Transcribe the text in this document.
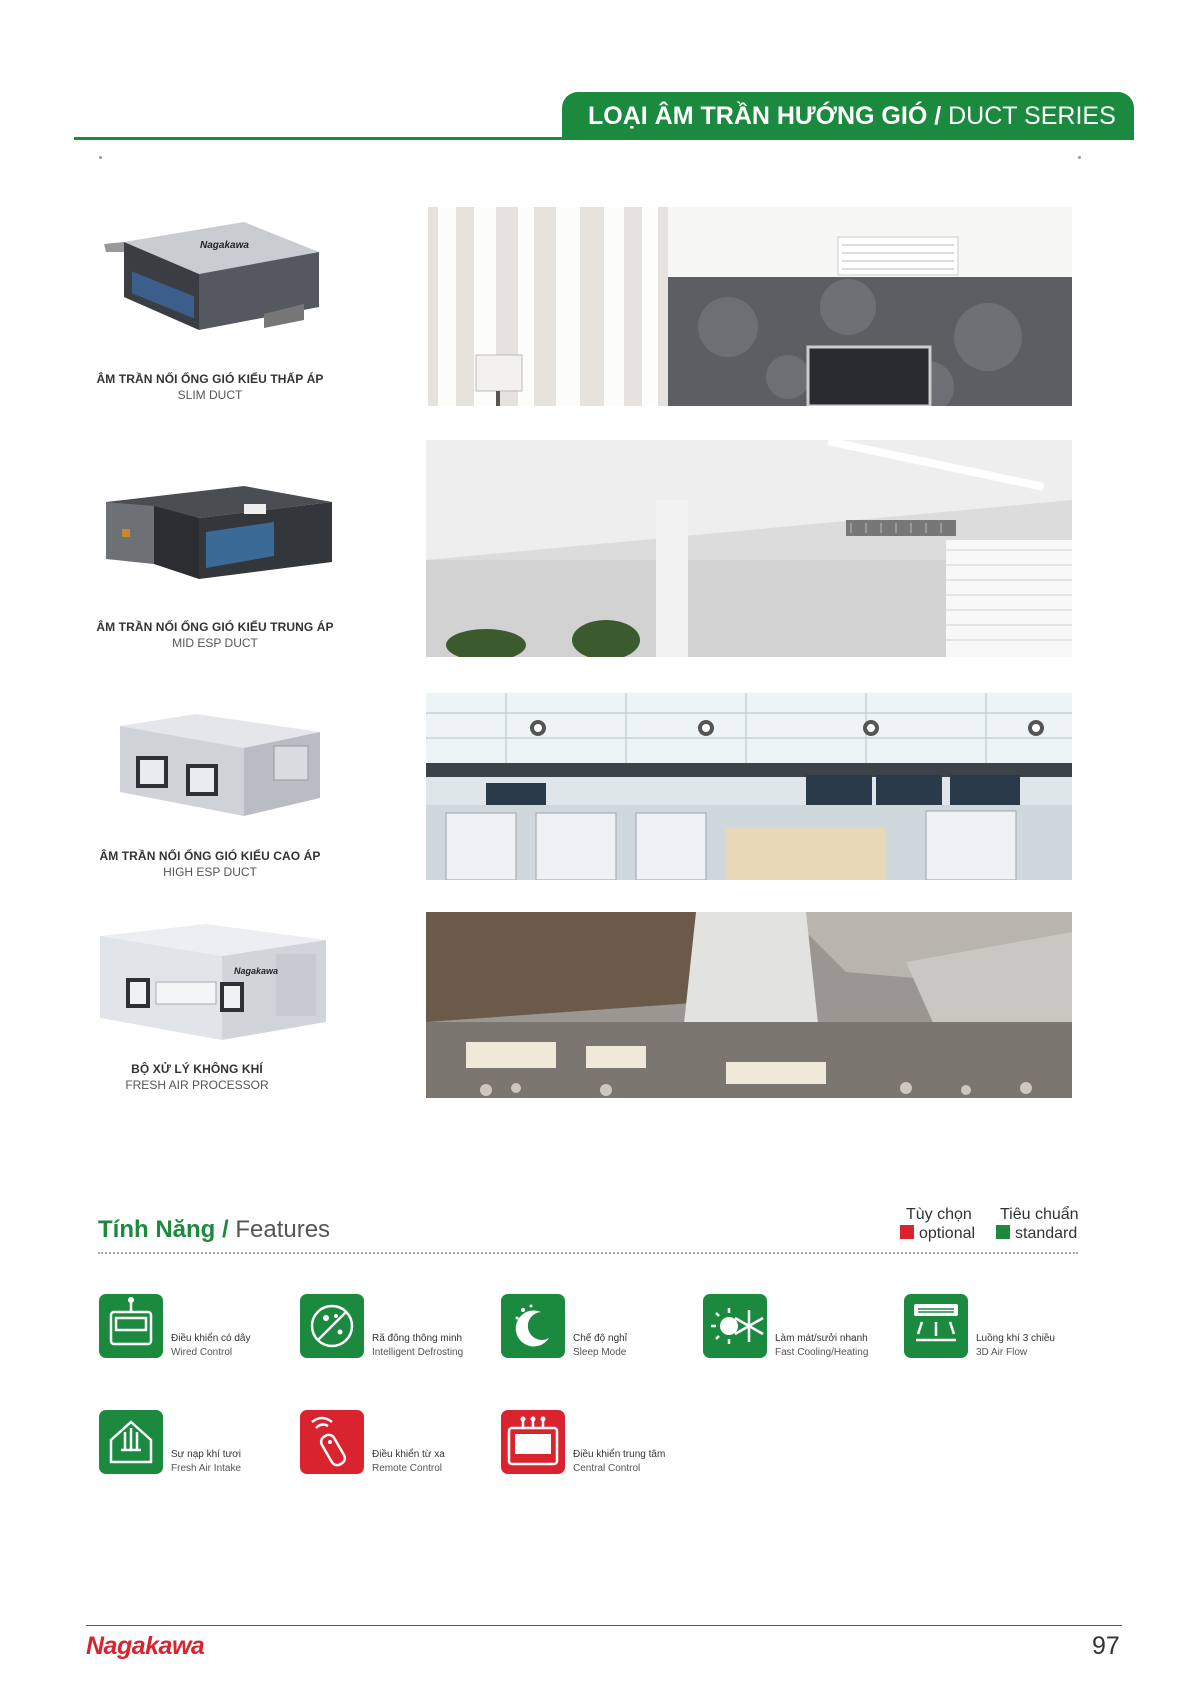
LOẠI ÂM TRẦN HƯỚNG GIÓ / DUCT SERIES
Nagakawa
ÂM TRẦN NỐI ỐNG GIÓ KIỂU THẤP ÁP
SLIM DUCT
ÂM TRẦN NỐI ỐNG GIÓ KIỂU TRUNG ÁP
MID ESP DUCT
ÂM TRẦN NỐI ỐNG GIÓ KIỂU CAO ÁP
HIGH ESP DUCT
Nagakawa
BỘ XỬ LÝ KHÔNG KHÍ
FRESH AIR PROCESSOR
Tính Năng / Features
Tùy chọn
optional
Tiêu chuẩn
standard
Điều khiển có dây
Wired Control
Rã đông thông minh
Intelligent Defrosting
Chế độ nghỉ
Sleep Mode
Làm mát/sưởi nhanh
Fast Cooling/Heating
Luồng khí 3 chiều
3D Air Flow
Sự nạp khí tươi
Fresh Air Intake
Điều khiển từ xa
Remote Control
Điều khiển trung tâm
Central Control
Nagakawa	97
